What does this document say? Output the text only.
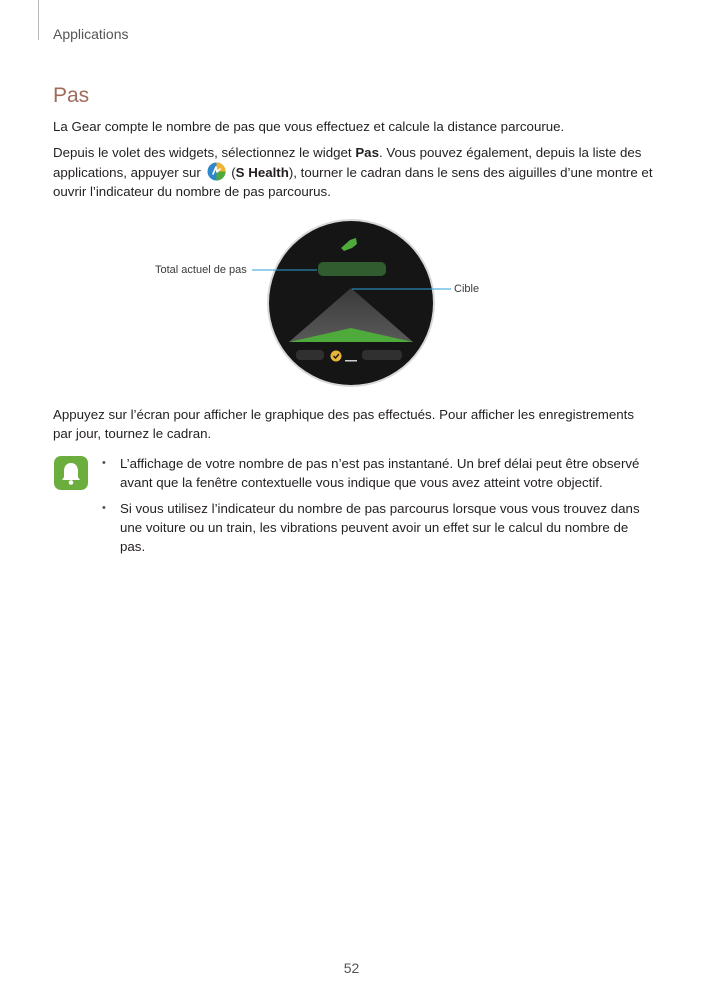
Applications
Pas

La Gear compte le nombre de pas que vous effectuez et calcule la distance parcourue.

Depuis le volet des widgets, sélectionnez le widget Pas. Vous pouvez également, depuis la liste des applications, appuyer sur  (S Health), tourner le cadran dans le sens des aiguilles d’une montre et ouvrir l’indicateur du nombre de pas parcourus.

Total actuel de pas
Cible

Appuyez sur l’écran pour afficher le graphique des pas effectués. Pour afficher les enregistrements par jour, tournez le cadran.

• L’affichage de votre nombre de pas n’est pas instantané. Un bref délai peut être observé avant que la fenêtre contextuelle vous indique que vous avez atteint votre objectif.
• Si vous utilisez l’indicateur du nombre de pas parcourus lorsque vous vous trouvez dans une voiture ou un train, les vibrations peuvent avoir un effet sur le calcul du nombre de pas.
52
